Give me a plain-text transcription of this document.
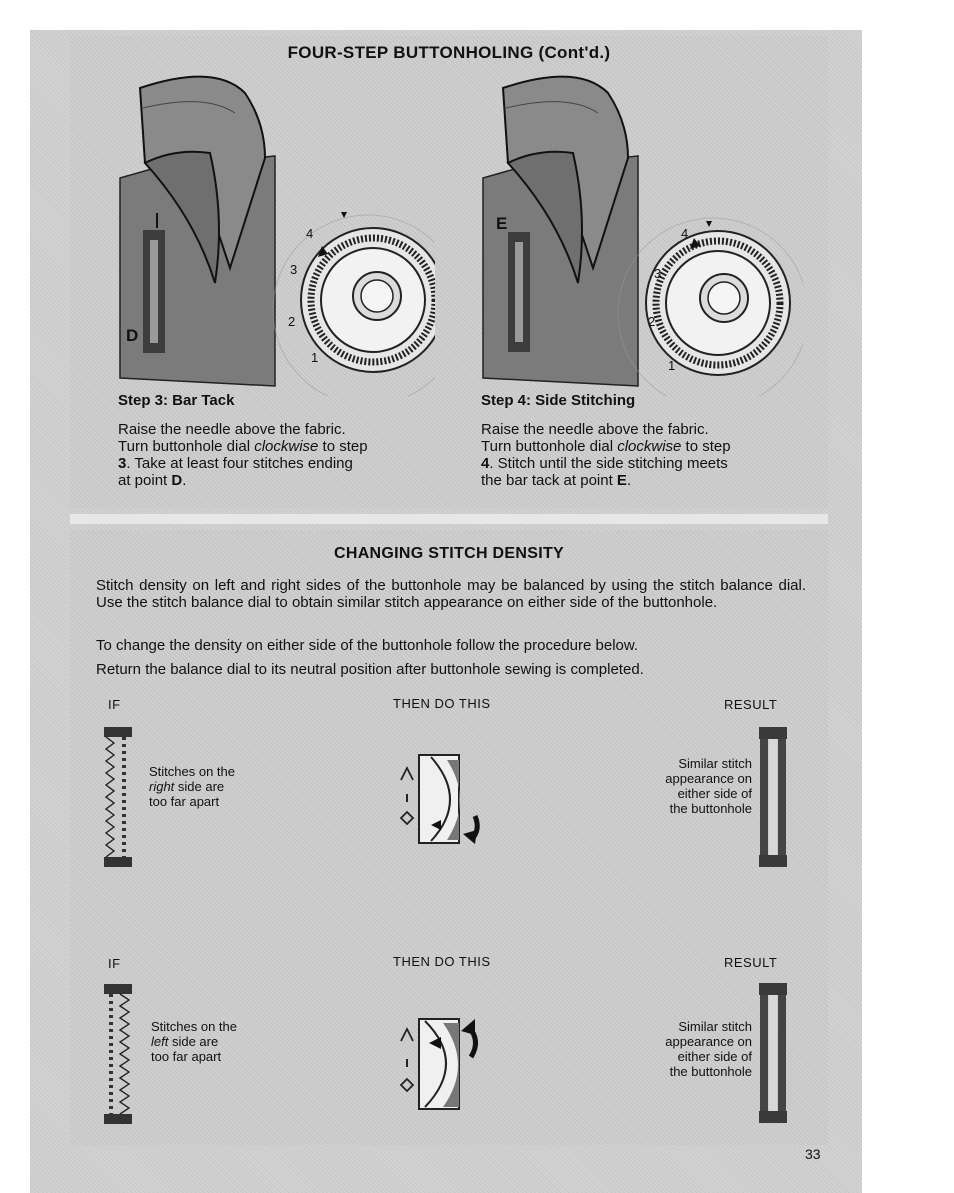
FOUR-STEP BUTTONHOLING (Cont'd.)
4
3
2
1
D
4
3
2
1
E
Step 3: Bar Tack
Raise the needle above the fabric.
Turn buttonhole dial clockwise to step
3. Take at least four stitches ending
at point D.
Step 4: Side Stitching
Raise the needle above the fabric.
Turn buttonhole dial clockwise to step
4. Stitch until the side stitching meets
the bar tack at point E.
CHANGING STITCH DENSITY
Stitch density on left and right sides of the buttonhole may be balanced by using the stitch balance dial. Use the stitch balance dial to obtain similar stitch appearance on either side of the buttonhole.
To change the density on either side of the buttonhole follow the procedure below.
Return the balance dial to its neutral position after buttonhole sewing is completed.
IF	THEN DO THIS	RESULT
Stitches on the
right side are
too far apart
Similar stitch
appearance on
either side of
the buttonhole
IF	THEN DO THIS	RESULT
Stitches on the
left side are
too far apart
Similar stitch
appearance on
either side of
the buttonhole
33
